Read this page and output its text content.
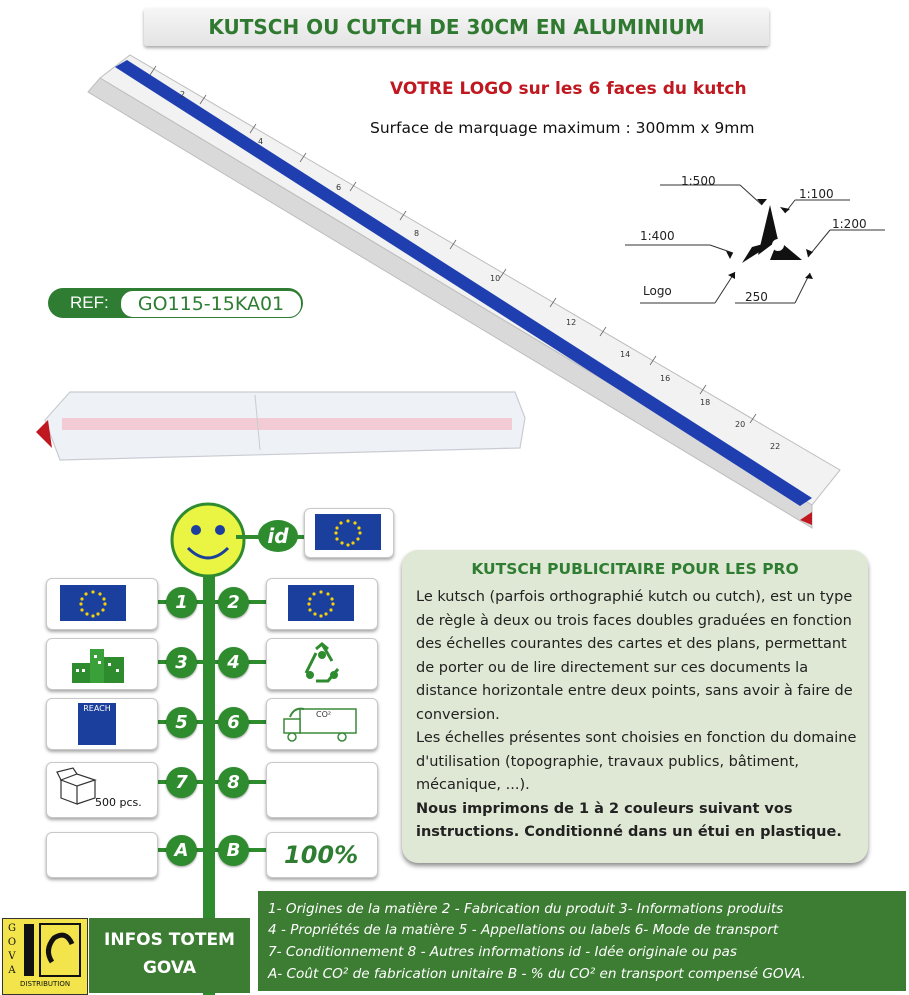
KUTSCH OU CUTCH DE 30CM EN ALUMINIUM
2
4
6
8
10
12
14
16
18
20
22
VOTRE LOGO sur les 6 faces du kutch
Surface de marquage maximum : 300mm x 9mm
1:500
1:100
1:400
1:200
Logo	250
REF:	GO115-15KA01
id
1	2
3	4
REACH
5	6	CO²
500 pcs.
7	8
A	B	100%
KUTSCH PUBLICITAIRE POUR LES PRO
Le kutsch (parfois orthographié kutch ou cutch), est un type de règle à deux ou trois faces doubles graduées en fonction des échelles courantes des cartes et des plans, permettant de porter ou de lire directement sur ces documents la distance horizontale entre deux points, sans avoir à faire de conversion.
Les échelles présentes sont choisies en fonction du domaine d'utilisation (topographie, travaux publics, bâtiment, mécanique, ...).
Nous imprimons de 1 à 2 couleurs suivant vos instructions. Conditionné dans un étui en plastique.
G
O
V
A
DISTRIBUTION
INFOS TOTEM
GOVA
1- Origines de la matière 2 - Fabrication du produit 3- Informations produits
4 - Propriétés de la matière 5 - Appellations ou labels 6- Mode de transport
7- Conditionnement 8 - Autres informations id - Idée originale ou pas
A- Coût CO² de fabrication unitaire B - % du CO² en transport compensé GOVA.
